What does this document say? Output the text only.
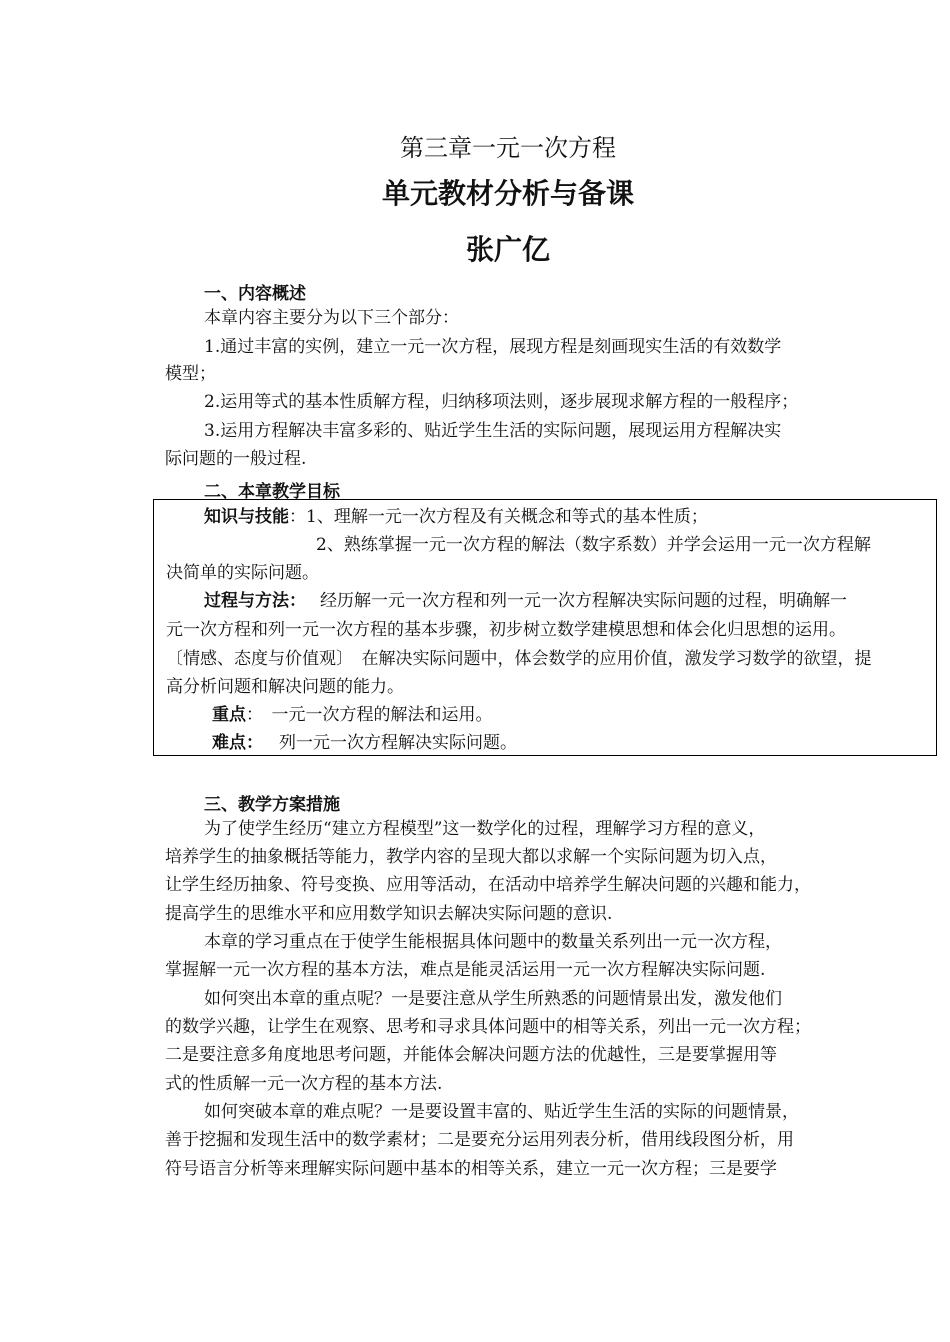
第三章一元一次方程
单元教材分析与备课
张广亿
一、内容概述
本章内容主要分为以下三个部分：
1.通过丰富的实例，建立一元一次方程，展现方程是刻画现实生活的有效数学
模型；
2.运用等式的基本性质解方程，归纳移项法则，逐步展现求解方程的一般程序；
3.运用方程解决丰富多彩的、贴近学生生活的实际问题，展现运用方程解决实
际问题的一般过程.
二、本章教学目标
知识与技能：1、理解一元一次方程及有关概念和等式的基本性质；
2、熟练掌握一元一次方程的解法（数字系数）并学会运用一元一次方程解
决简单的实际问题。
过程与方法： 经历解一元一次方程和列一元一次方程解决实际问题的过程，明确解一
元一次方程和列一元一次方程的基本步骤，初步树立数学建模思想和体会化归思想的运用。
〔情感、态度与价值观〕　在解决实际问题中，体会数学的应用价值，激发学习数学的欲望，提
高分析问题和解决问题的能力。
重点：　一元一次方程的解法和运用。
难点： 列一元一次方程解决实际问题。
三、教学方案措施
为了使学生经历“建立方程模型”这一数学化的过程，理解学习方程的意义，
培养学生的抽象概括等能力，教学内容的呈现大都以求解一个实际问题为切入点，
让学生经历抽象、符号变换、应用等活动，在活动中培养学生解决问题的兴趣和能力，
提高学生的思维水平和应用数学知识去解决实际问题的意识.
本章的学习重点在于使学生能根据具体问题中的数量关系列出一元一次方程，
掌握解一元一次方程的基本方法，难点是能灵活运用一元一次方程解决实际问题.
如何突出本章的重点呢？一是要注意从学生所熟悉的问题情景出发，激发他们
的数学兴趣，让学生在观察、思考和寻求具体问题中的相等关系，列出一元一次方程；
二是要注意多角度地思考问题，并能体会解决问题方法的优越性，三是要掌握用等
式的性质解一元一次方程的基本方法.
如何突破本章的难点呢？一是要设置丰富的、贴近学生生活的实际的问题情景，
善于挖掘和发现生活中的数学素材；二是要充分运用列表分析，借用线段图分析，用
符号语言分析等来理解实际问题中基本的相等关系，建立一元一次方程；三是要学
